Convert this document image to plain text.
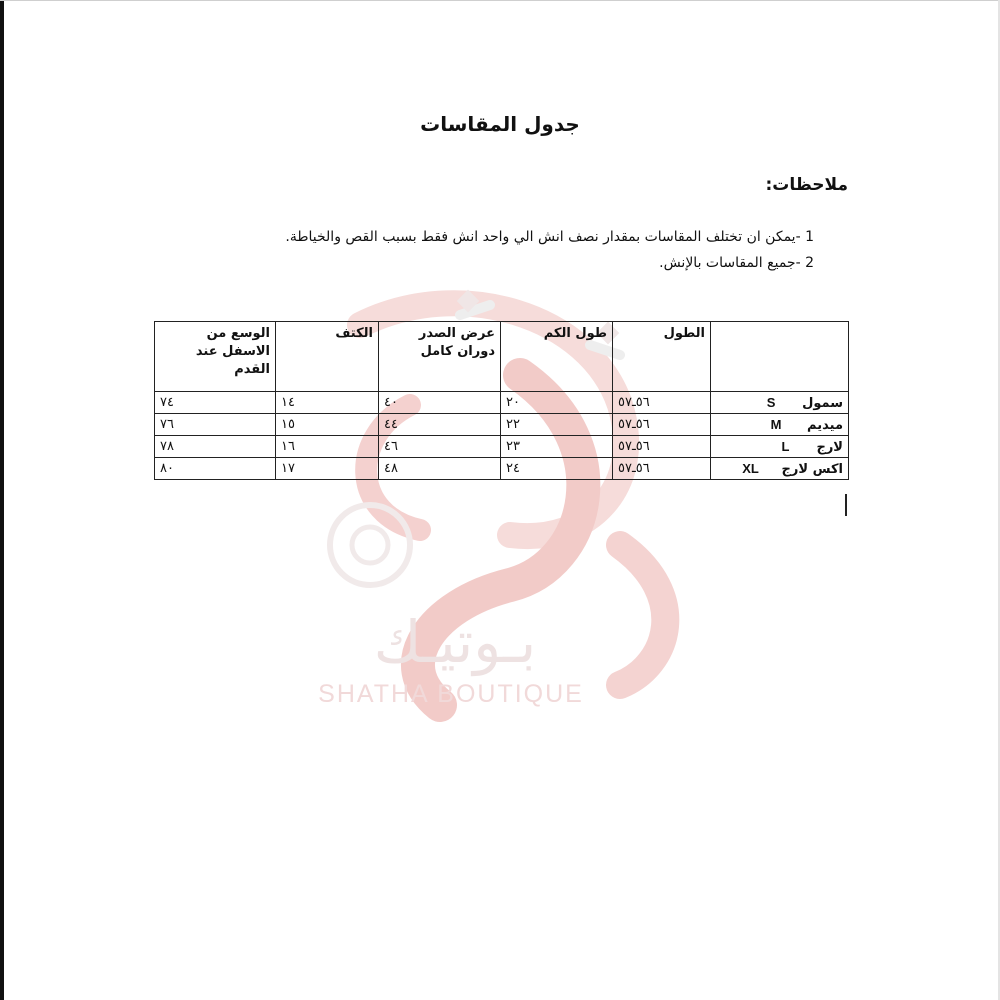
بـوتيـك
SHATHA BOUTIQUE
جدول المقاسات
ملاحظات:
1 -يمكن ان تختلف المقاسات بمقدار نصف انش الي واحد انش فقط بسبب القص والخياطة.
2 -جميع المقاسات بالإنش.
	الطول	طول الكم	عرض الصدر دوران كامل	الكتف	الوسع من الاسفل عند القدم
سمولS	٥٦ـ٥٧	٢٠	٤٠	١٤	٧٤
ميديمM	٥٦ـ٥٧	٢٢	٤٤	١٥	٧٦
لارجL	٥٦ـ٥٧	٢٣	٤٦	١٦	٧٨
اكس لارجXL	٥٦ـ٥٧	٢٤	٤٨	١٧	٨٠
